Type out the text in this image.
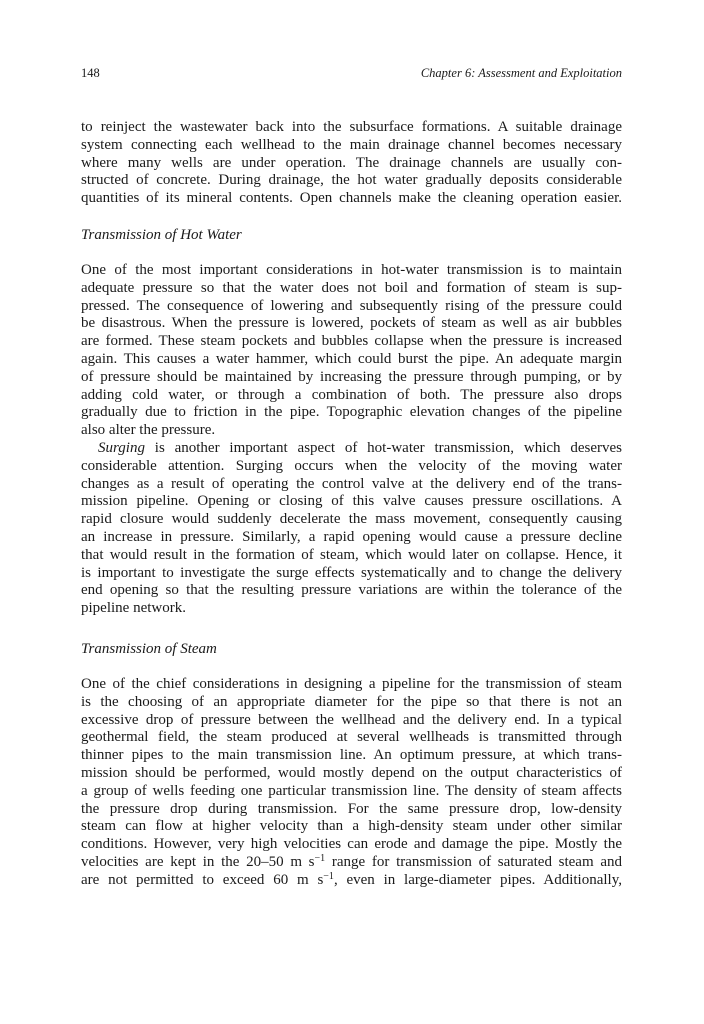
148	Chapter 6: Assessment and Exploitation
to reinject the wastewater back into the subsurface formations. A suitable drainage
system connecting each wellhead to the main drainage channel becomes necessary
where many wells are under operation. The drainage channels are usually con-
structed of concrete. During drainage, the hot water gradually deposits considerable
quantities of its mineral contents. Open channels make the cleaning operation easier.
Transmission of Hot Water
One of the most important considerations in hot-water transmission is to maintain
adequate pressure so that the water does not boil and formation of steam is sup-
pressed. The consequence of lowering and subsequently rising of the pressure could
be disastrous. When the pressure is lowered, pockets of steam as well as air bubbles
are formed. These steam pockets and bubbles collapse when the pressure is increased
again. This causes a water hammer, which could burst the pipe. An adequate margin
of pressure should be maintained by increasing the pressure through pumping, or by
adding cold water, or through a combination of both. The pressure also drops
gradually due to friction in the pipe. Topographic elevation changes of the pipeline
also alter the pressure.
Surging is another important aspect of hot-water transmission, which deserves
considerable attention. Surging occurs when the velocity of the moving water
changes as a result of operating the control valve at the delivery end of the trans-
mission pipeline. Opening or closing of this valve causes pressure oscillations. A
rapid closure would suddenly decelerate the mass movement, consequently causing
an increase in pressure. Similarly, a rapid opening would cause a pressure decline
that would result in the formation of steam, which would later on collapse. Hence, it
is important to investigate the surge effects systematically and to change the delivery
end opening so that the resulting pressure variations are within the tolerance of the
pipeline network.
Transmission of Steam
One of the chief considerations in designing a pipeline for the transmission of steam
is the choosing of an appropriate diameter for the pipe so that there is not an
excessive drop of pressure between the wellhead and the delivery end. In a typical
geothermal field, the steam produced at several wellheads is transmitted through
thinner pipes to the main transmission line. An optimum pressure, at which trans-
mission should be performed, would mostly depend on the output characteristics of
a group of wells feeding one particular transmission line. The density of steam affects
the pressure drop during transmission. For the same pressure drop, low-density
steam can flow at higher velocity than a high-density steam under other similar
conditions. However, very high velocities can erode and damage the pipe. Mostly the
velocities are kept in the 20–50 m $s^{-1}$ range for transmission of saturated steam and
are not permitted to exceed 60 m $s^{-1}$, even in large-diameter pipes. Additionally,
